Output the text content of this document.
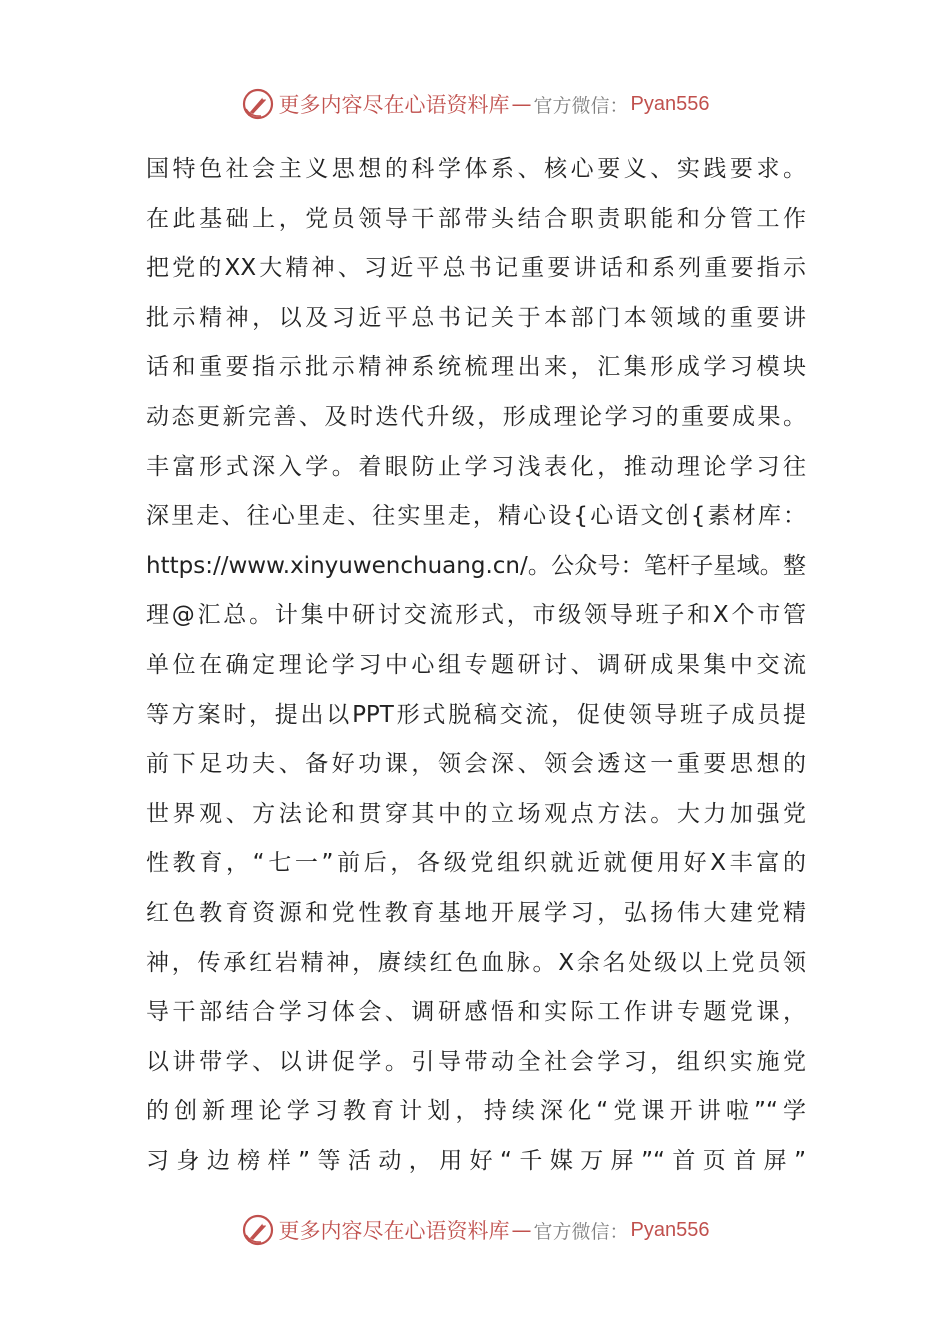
更多内容尽在心语资料库 — 官方微信： Pyan556
国特色社会主义思想的科学体系、核心要义、实践要求。
在此基础上，党员领导干部带头结合职责职能和分管工作
把党的XX大精神、习近平总书记重要讲话和系列重要指示
批示精神，以及习近平总书记关于本部门本领域的重要讲
话和重要指示批示精神系统梳理出来，汇集形成学习模块
动态更新完善、及时迭代升级，形成理论学习的重要成果。
丰富形式深入学。着眼防止学习浅表化，推动理论学习往
深里走、往心里走、往实里走，精心设{心语文创{素材库：
https://www.xinyuwenchuang.cn/。公众号：笔杆子星域。整
理@汇总。计集中研讨交流形式，市级领导班子和X个市管
单位在确定理论学习中心组专题研讨、调研成果集中交流
等方案时，提出以PPT形式脱稿交流，促使领导班子成员提
前下足功夫、备好功课，领会深、领会透这一重要思想的
世界观、方法论和贯穿其中的立场观点方法。大力加强党
性教育，“七一”前后，各级党组织就近就便用好X丰富的
红色教育资源和党性教育基地开展学习，弘扬伟大建党精
神，传承红岩精神，赓续红色血脉。X余名处级以上党员领
导干部结合学习体会、调研感悟和实际工作讲专题党课，
以讲带学、以讲促学。引导带动全社会学习，组织实施党
的创新理论学习教育计划，持续深化“党课开讲啦”“学
习身边榜样”等活动，用好“千媒万屏”“首页首屏”
更多内容尽在心语资料库 — 官方微信： Pyan556
